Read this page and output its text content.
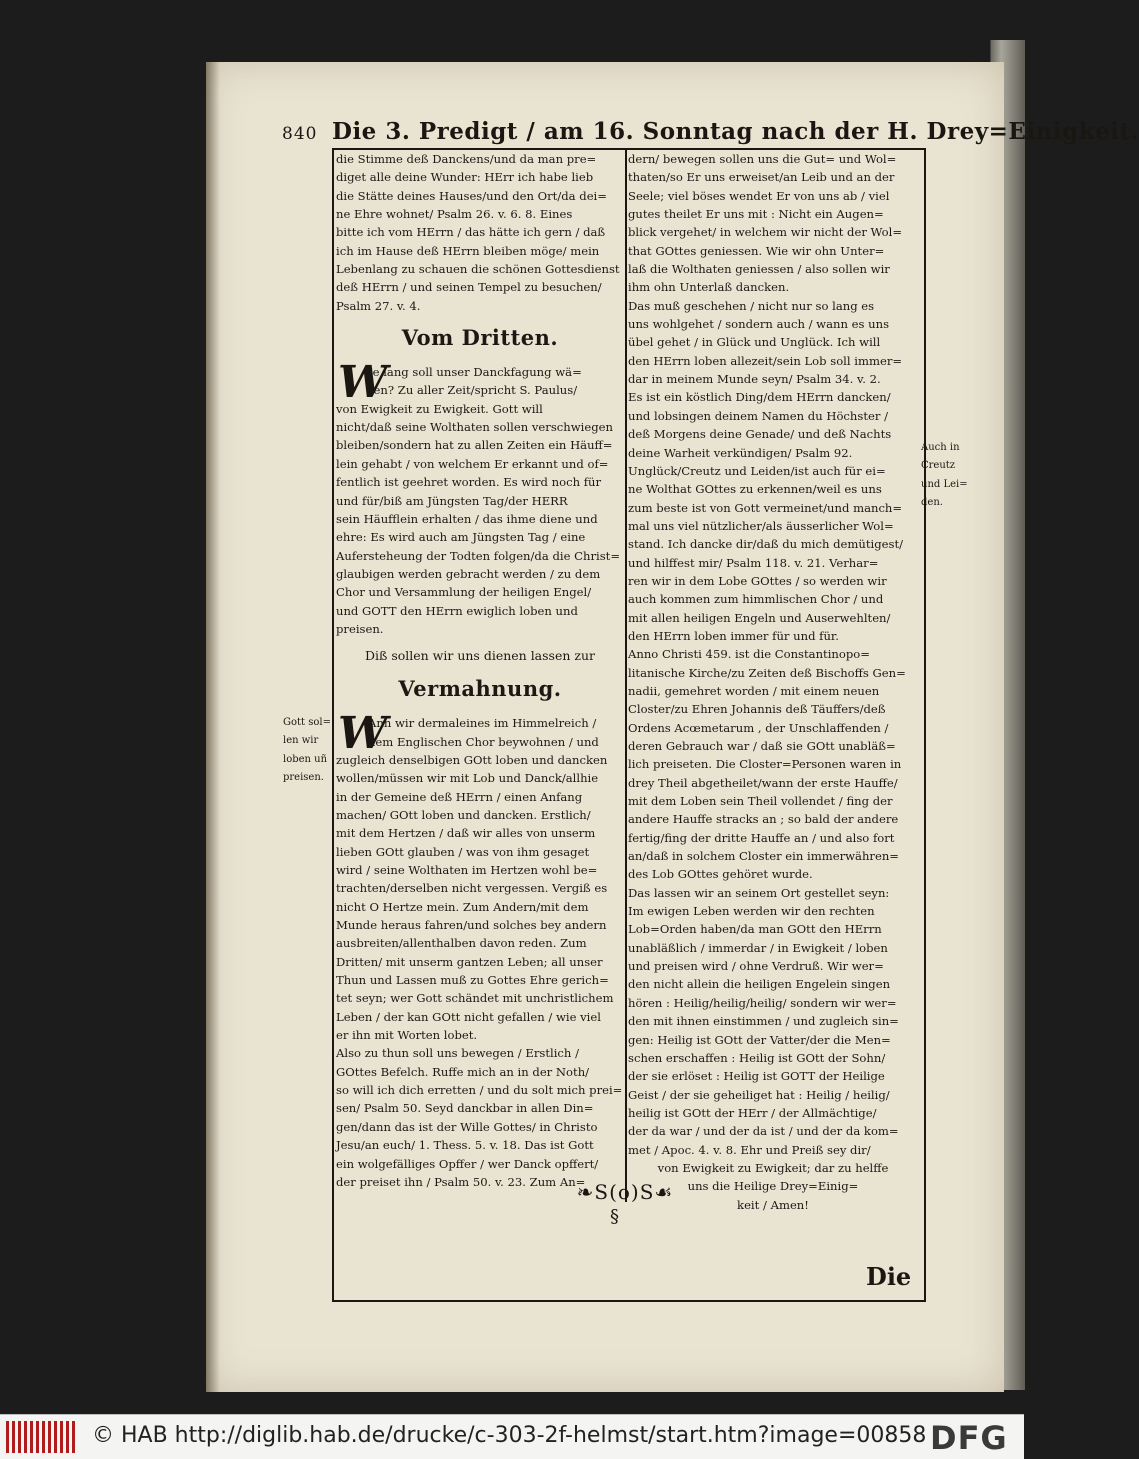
840 Die 3. Predigt / am 16. Sonntag nach der H. Drey=Einigkeit.
die Stimme deß Danckens/und da man pre=
diget alle deine Wunder: HErr ich habe lieb
die Stätte deines Hauses/und den Ort/da dei=
ne Ehre wohnet/ Psalm 26. v. 6. 8. Eines
bitte ich vom HErrn / das hätte ich gern / daß
ich im Hause deß HErrn bleiben möge/ mein
Lebenlang zu schauen die schönen Gottesdienst
deß HErrn / und seinen Tempel zu besuchen/
Psalm 27. v. 4.
Vom Dritten.
W
Je lang soll unser Danckfagung wä=
ren? Zu aller Zeit/spricht S. Paulus/
von Ewigkeit zu Ewigkeit. Gott will
nicht/daß seine Wolthaten sollen verschwiegen
bleiben/sondern hat zu allen Zeiten ein Häuff=
lein gehabt / von welchem Er erkannt und of=
fentlich ist geehret worden. Es wird noch für
und für/biß am Jüngsten Tag/der HERR
sein Häufflein erhalten / das ihme diene und
ehre: Es wird auch am Jüngsten Tag / eine
Aufersteheung der Todten folgen/da die Christ=
glaubigen werden gebracht werden / zu dem
Chor und Versammlung der heiligen Engel/
und GOTT den HErrn ewiglich loben und
preisen.
Diß sollen wir uns dienen lassen zur
Vermahnung.
W
Ann wir dermaleines im Himmelreich /
dem Englischen Chor beywohnen / und
zugleich denselbigen GOtt loben und dancken
wollen/müssen wir mit Lob und Danck/allhie
in der Gemeine deß HErrn / einen Anfang
machen/ GOtt loben und dancken. Erstlich/
mit dem Hertzen / daß wir alles von unserm
lieben GOtt glauben / was von ihm gesaget
wird / seine Wolthaten im Hertzen wohl be=
trachten/derselben nicht vergessen. Vergiß es
nicht O Hertze mein. Zum Andern/mit dem
Munde heraus fahren/und solches bey andern
ausbreiten/allenthalben davon reden. Zum
Dritten/ mit unserm gantzen Leben; all unser
Thun und Lassen muß zu Gottes Ehre gerich=
tet seyn; wer Gott schändet mit unchristlichem
Leben / der kan GOtt nicht gefallen / wie viel
er ihn mit Worten lobet.
Also zu thun soll uns bewegen / Erstlich /
GOttes Befelch. Ruffe mich an in der Noth/
so will ich dich erretten / und du solt mich prei=
sen/ Psalm 50. Seyd danckbar in allen Din=
gen/dann das ist der Wille Gottes/ in Christo
Jesu/an euch/ 1. Thess. 5. v. 18. Das ist Gott
ein wolgefälliges Opffer / wer Danck opffert/
der preiset ihn / Psalm 50. v. 23. Zum An=
dern/ bewegen sollen uns die Gut= und Wol=
thaten/so Er uns erweiset/an Leib und an der
Seele; viel böses wendet Er von uns ab / viel
gutes theilet Er uns mit : Nicht ein Augen=
blick vergehet/ in welchem wir nicht der Wol=
that GOttes geniessen. Wie wir ohn Unter=
laß die Wolthaten geniessen / also sollen wir
ihm ohn Unterlaß dancken.
Das muß geschehen / nicht nur so lang es
uns wohlgehet / sondern auch / wann es uns
übel gehet / in Glück und Unglück. Ich will
den HErrn loben allezeit/sein Lob soll immer=
dar in meinem Munde seyn/ Psalm 34. v. 2.
Es ist ein köstlich Ding/dem HErrn dancken/
und lobsingen deinem Namen du Höchster /
deß Morgens deine Genade/ und deß Nachts
deine Warheit verkündigen/ Psalm 92.
Unglück/Creutz und Leiden/ist auch für ei=
ne Wolthat GOttes zu erkennen/weil es uns
zum beste ist von Gott vermeinet/und manch=
mal uns viel nützlicher/als äusserlicher Wol=
stand. Ich dancke dir/daß du mich demütigest/
und hilffest mir/ Psalm 118. v. 21. Verhar=
ren wir in dem Lobe GOttes / so werden wir
auch kommen zum himmlischen Chor / und
mit allen heiligen Engeln und Auserwehlten/
den HErrn loben immer für und für.
Anno Christi 459. ist die Constantinopo=
litanische Kirche/zu Zeiten deß Bischoffs Gen=
nadii, gemehret worden / mit einem neuen
Closter/zu Ehren Johannis deß Täuffers/deß
Ordens Acœmetarum , der Unschlaffenden /
deren Gebrauch war / daß sie GOtt unabläß=
lich preiseten. Die Closter=Personen waren in
drey Theil abgetheilet/wann der erste Hauffe/
mit dem Loben sein Theil vollendet / fing der
andere Hauffe stracks an ; so bald der andere
fertig/fing der dritte Hauffe an / und also fort
an/daß in solchem Closter ein immerwähren=
des Lob GOttes gehöret wurde.
Das lassen wir an seinem Ort gestellet seyn:
Im ewigen Leben werden wir den rechten
Lob=Orden haben/da man GOtt den HErrn
unabläßlich / immerdar / in Ewigkeit / loben
und preisen wird / ohne Verdruß. Wir wer=
den nicht allein die heiligen Engelein singen
hören : Heilig/heilig/heilig/ sondern wir wer=
den mit ihnen einstimmen / und zugleich sin=
gen: Heilig ist GOtt der Vatter/der die Men=
schen erschaffen : Heilig ist GOtt der Sohn/
der sie erlöset : Heilig ist GOTT der Heilige
Geist / der sie geheiliget hat : Heilig / heilig/
heilig ist GOtt der HErr / der Allmächtige/
der da war / und der da ist / und der da kom=
met / Apoc. 4. v. 8. Ehr und Preiß sey dir/
von Ewigkeit zu Ewigkeit; dar zu helffe
uns die Heilige Drey=Einig=
keit / Amen!
Gott sol=
len wir
loben uñ
preisen.
Auch in
Creutz
und Lei=
den.
❧S(o)S☙
§
Die
© HAB http://diglib.hab.de/drucke/c-303-2f-helmst/start.htm?image=00858 DFG
